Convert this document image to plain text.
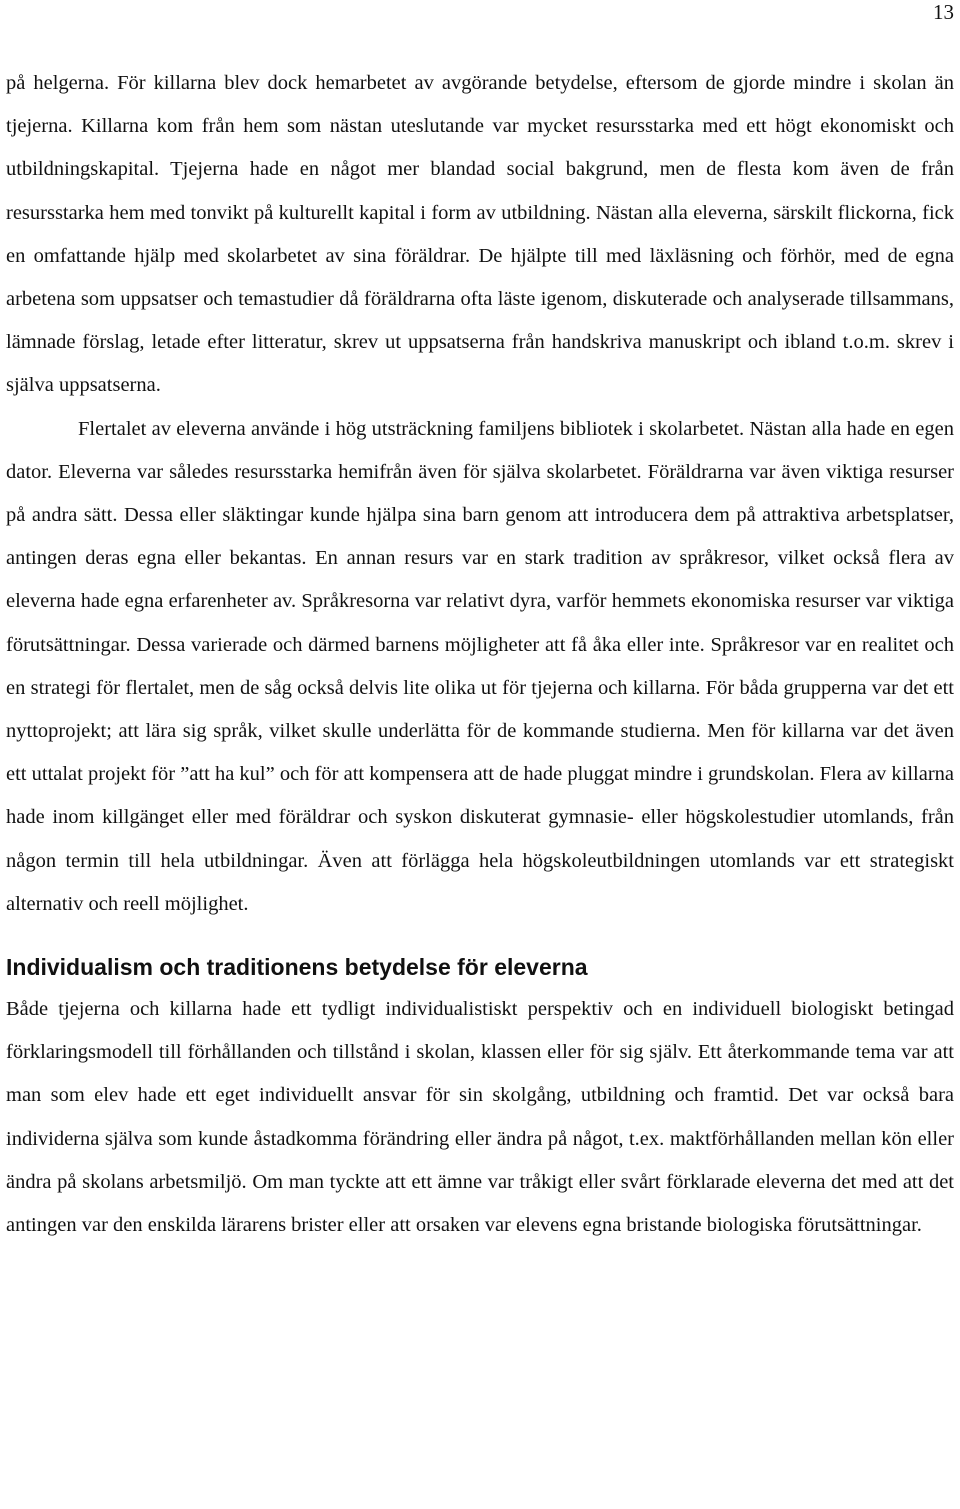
13

på helgerna. För killarna blev dock hemarbetet av avgörande betydelse, eftersom de gjorde mindre i skolan än tjejerna. Killarna kom från hem som nästan uteslutande var mycket resursstarka med ett högt ekonomiskt och utbildningskapital. Tjejerna hade en något mer blandad social bakgrund, men de flesta kom även de från resursstarka hem med tonvikt på kulturellt kapital i form av utbildning. Nästan alla eleverna, särskilt flickorna, fick en omfattande hjälp med skolarbetet av sina föräldrar. De hjälpte till med läxläsning och förhör, med de egna arbetena som uppsatser och temastudier då föräldrarna ofta läste igenom, diskuterade och analyserade tillsammans, lämnade förslag, letade efter litteratur, skrev ut uppsatserna från handskriva manuskript och ibland t.o.m. skrev i själva uppsatserna.

Flertalet av eleverna använde i hög utsträckning familjens bibliotek i skolarbetet. Nästan alla hade en egen dator. Eleverna var således resursstarka hemifrån även för själva skolarbetet. Föräldrarna var även viktiga resurser på andra sätt. Dessa eller släktingar kunde hjälpa sina barn genom att introducera dem på attraktiva arbetsplatser, antingen deras egna eller bekantas. En annan resurs var en stark tradition av språkresor, vilket också flera av eleverna hade egna erfarenheter av. Språkresorna var relativt dyra, varför hemmets ekonomiska resurser var viktiga förutsättningar. Dessa varierade och därmed barnens möjligheter att få åka eller inte. Språkresor var en realitet och en strategi för flertalet, men de såg också delvis lite olika ut för tjejerna och killarna. För båda grupperna var det ett nyttoprojekt; att lära sig språk, vilket skulle underlätta för de kommande studierna. Men för killarna var det även ett uttalat projekt för ”att ha kul” och för att kompensera att de hade pluggat mindre i grundskolan. Flera av killarna hade inom killgänget eller med föräldrar och syskon diskuterat gymnasie- eller högskolestudier utomlands, från någon termin till hela utbildningar. Även att förlägga hela högskoleutbildningen utomlands var ett strategiskt alternativ och reell möjlighet.

Individualism och traditionens betydelse för eleverna

Både tjejerna och killarna hade ett tydligt individualistiskt perspektiv och en individuell biologiskt betingad förklaringsmodell till förhållanden och tillstånd i skolan, klassen eller för sig själv. Ett återkommande tema var att man som elev hade ett eget individuellt ansvar för sin skolgång, utbildning och framtid. Det var också bara individerna själva som kunde åstadkomma förändring eller ändra på något, t.ex. maktförhållanden mellan kön eller ändra på skolans arbetsmiljö. Om man tyckte att ett ämne var tråkigt eller svårt förklarade eleverna det med att det antingen var den enskilda lärarens brister eller att orsaken var elevens egna bristande biologiska förutsättningar.
